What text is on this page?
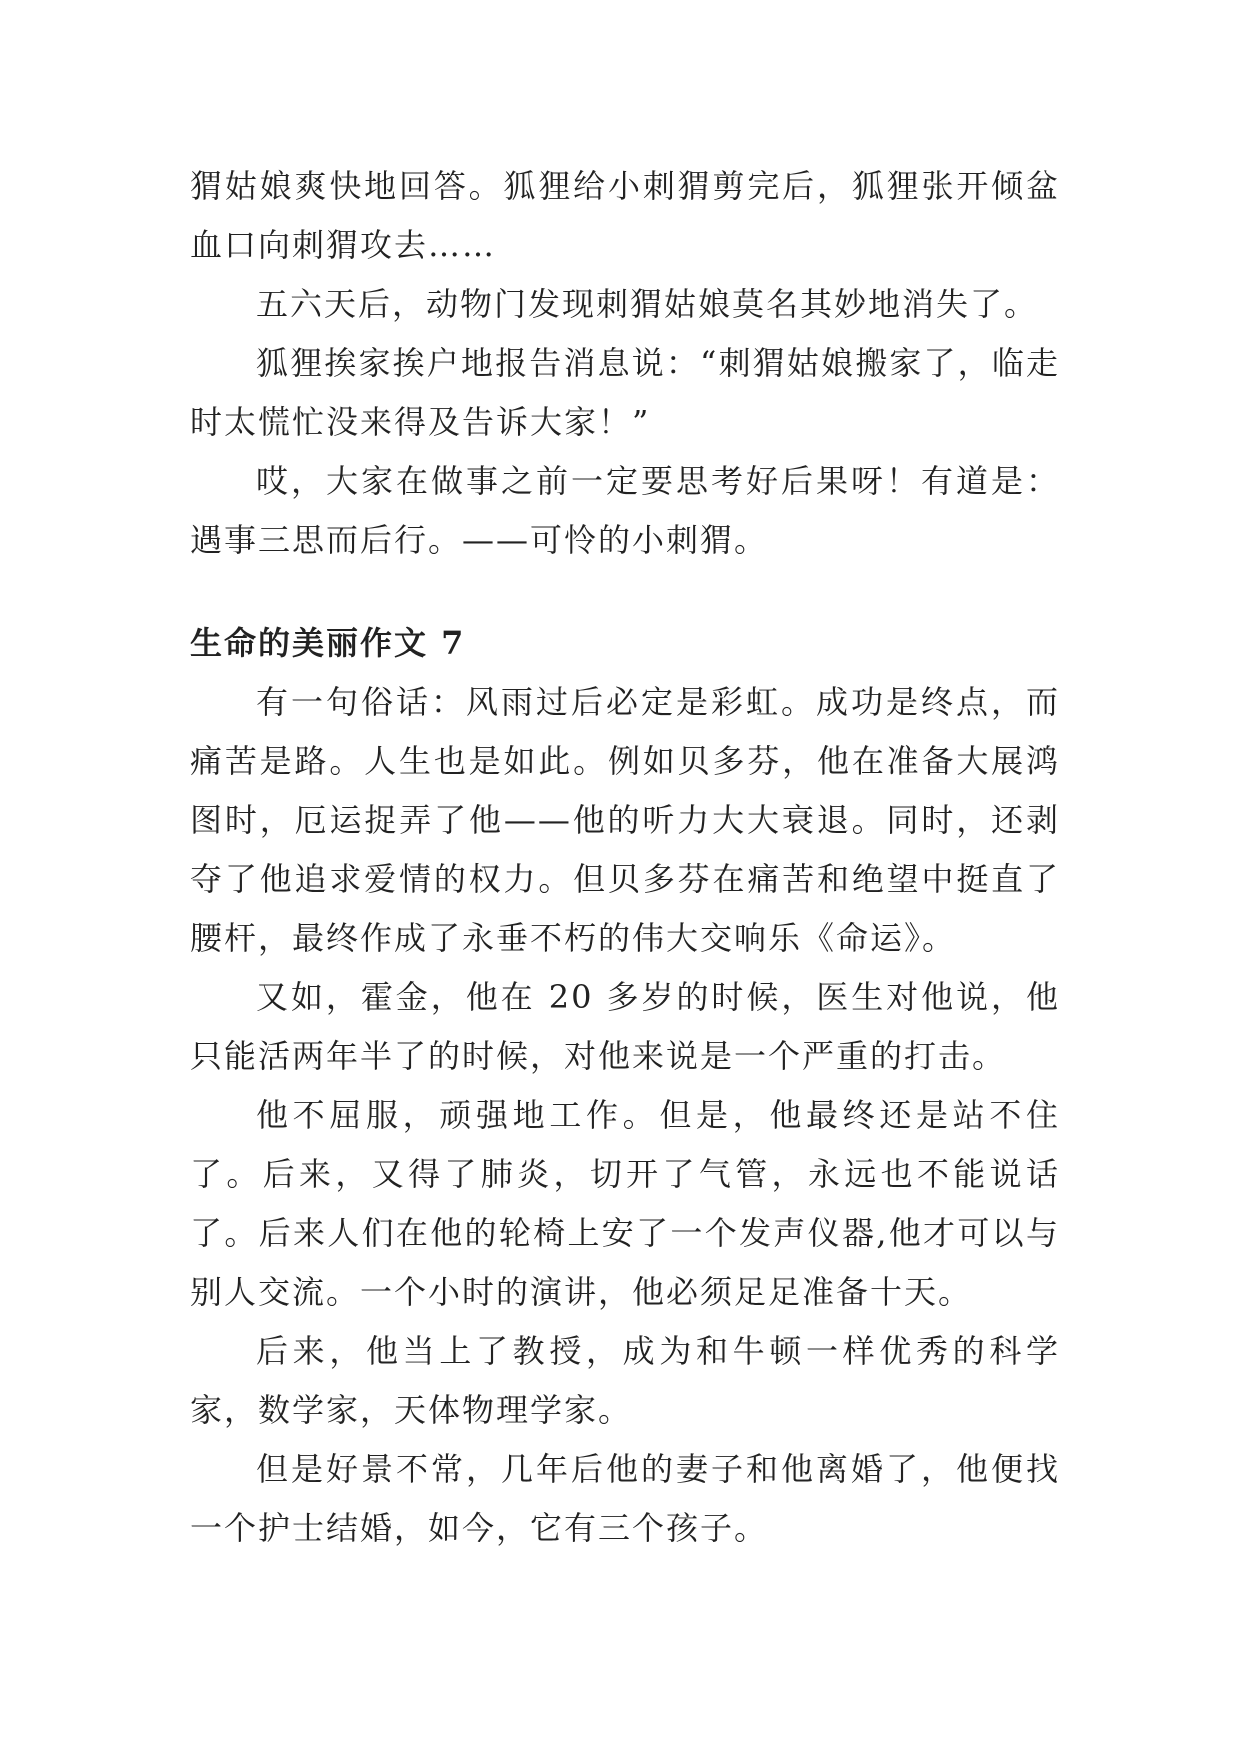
猬姑娘爽快地回答。狐狸给小刺猬剪完后，狐狸张开倾盆血口向刺猬攻去……

五六天后，动物门发现刺猬姑娘莫名其妙地消失了。

狐狸挨家挨户地报告消息说：“刺猬姑娘搬家了，临走时太慌忙没来得及告诉大家！”

哎，大家在做事之前一定要思考好后果呀！有道是：遇事三思而后行。——可怜的小刺猬。

生命的美丽作文 7

有一句俗话：风雨过后必定是彩虹。成功是终点，而痛苦是路。人生也是如此。例如贝多芬，他在准备大展鸿图时，厄运捉弄了他——他的听力大大衰退。同时，还剥夺了他追求爱情的权力。但贝多芬在痛苦和绝望中挺直了腰杆，最终作成了永垂不朽的伟大交响乐《命运》。

又如，霍金，他在 20 多岁的时候，医生对他说，他只能活两年半了的时候，对他来说是一个严重的打击。

他不屈服，顽强地工作。但是，他最终还是站不住了。后来，又得了肺炎，切开了气管，永远也不能说话了。后来人们在他的轮椅上安了一个发声仪器,他才可以与别人交流。一个小时的演讲，他必须足足准备十天。

后来，他当上了教授，成为和牛顿一样优秀的科学家，数学家，天体物理学家。

但是好景不常，几年后他的妻子和他离婚了，他便找一个护士结婚，如今，它有三个孩子。
